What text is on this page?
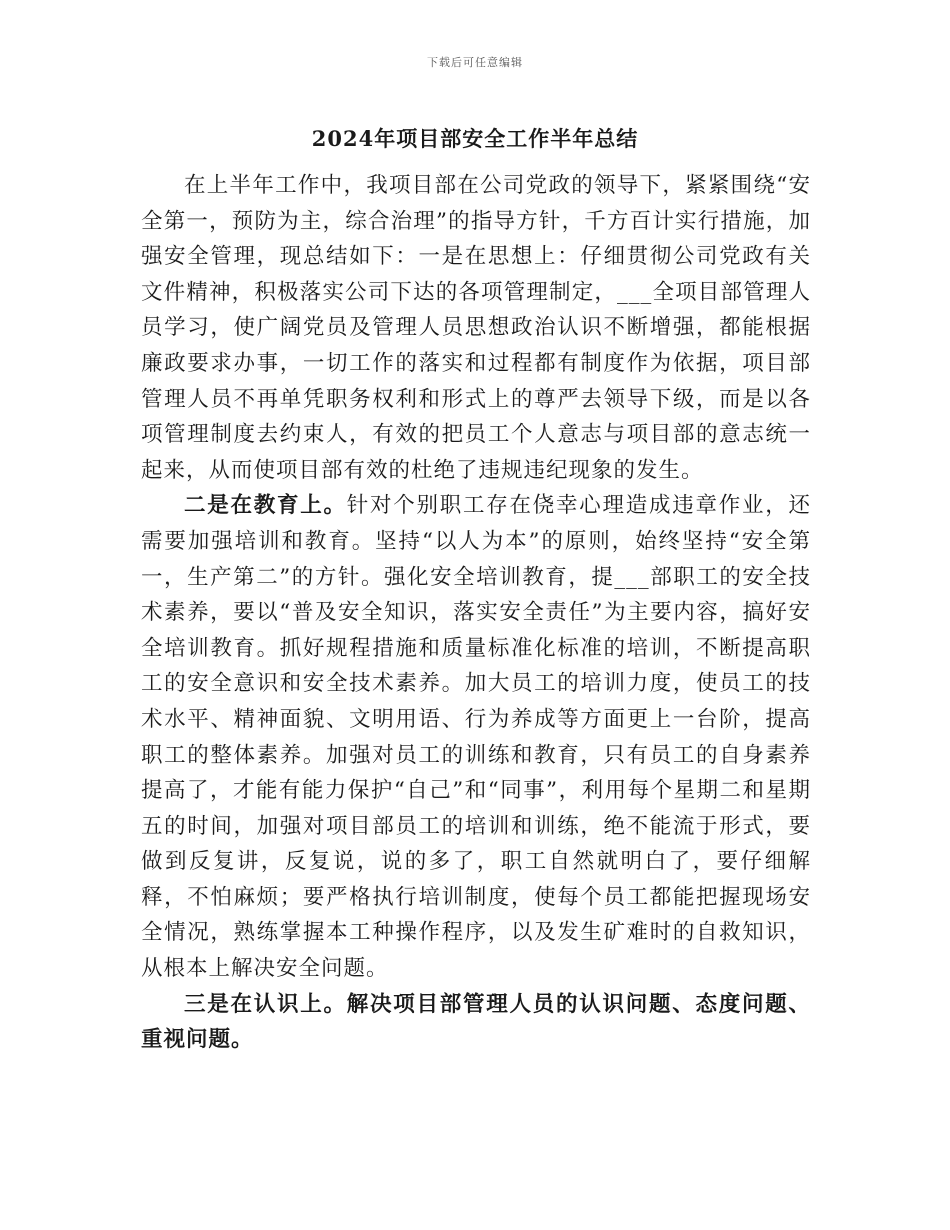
下载后可任意编辑
2024年项目部安全工作半年总结

在上半年工作中，我项目部在公司党政的领导下，紧紧围绕“安全第一，预防为主，综合治理”的指导方针，千方百计实行措施，加强安全管理，现总结如下：一是在思想上：仔细贯彻公司党政有关文件精神，积极落实公司下达的各项管理制定，___全项目部管理人员学习，使广阔党员及管理人员思想政治认识不断增强，都能根据廉政要求办事，一切工作的落实和过程都有制度作为依据，项目部管理人员不再单凭职务权利和形式上的尊严去领导下级，而是以各项管理制度去约束人，有效的把员工个人意志与项目部的意志统一起来，从而使项目部有效的杜绝了违规违纪现象的发生。

二是在教育上。针对个别职工存在侥幸心理造成违章作业，还需要加强培训和教育。坚持“以人为本”的原则，始终坚持“安全第一，生产第二”的方针。强化安全培训教育，提___部职工的安全技术素养，要以“普及安全知识，落实安全责任”为主要内容，搞好安全培训教育。抓好规程措施和质量标准化标准的培训，不断提高职工的安全意识和安全技术素养。加大员工的培训力度，使员工的技术水平、精神面貌、文明用语、行为养成等方面更上一台阶，提高职工的整体素养。加强对员工的训练和教育，只有员工的自身素养提高了，才能有能力保护“自己”和“同事”，利用每个星期二和星期五的时间，加强对项目部员工的培训和训练，绝不能流于形式，要做到反复讲，反复说，说的多了，职工自然就明白了，要仔细解释，不怕麻烦；要严格执行培训制度，使每个员工都能把握现场安全情况，熟练掌握本工种操作程序，以及发生矿难时的自救知识，从根本上解决安全问题。

三是在认识上。解决项目部管理人员的认识问题、态度问题、重视问题。
